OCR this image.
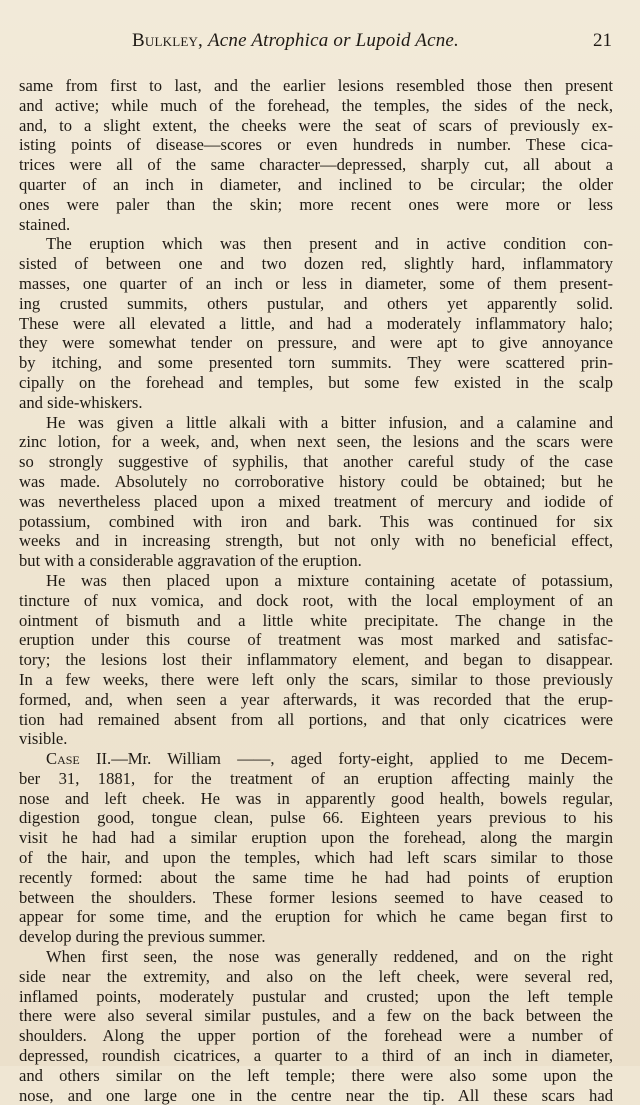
Bulkley, Acne Atrophica or Lupoid Acne.	21
same from first to last, and the earlier lesions resembled those then present
and active; while much of the forehead, the temples, the sides of the neck,
and, to a slight extent, the cheeks were the seat of scars of previously ex-
isting points of disease—scores or even hundreds in number. These cica-
trices were all of the same character—depressed, sharply cut, all about a
quarter of an inch in diameter, and inclined to be circular; the older
ones were paler than the skin; more recent ones were more or less
stained.
The eruption which was then present and in active condition con-
sisted of between one and two dozen red, slightly hard, inflammatory
masses, one quarter of an inch or less in diameter, some of them present-
ing crusted summits, others pustular, and others yet apparently solid.
These were all elevated a little, and had a moderately inflammatory halo;
they were somewhat tender on pressure, and were apt to give annoyance
by itching, and some presented torn summits. They were scattered prin-
cipally on the forehead and temples, but some few existed in the scalp
and side-whiskers.
He was given a little alkali with a bitter infusion, and a calamine and
zinc lotion, for a week, and, when next seen, the lesions and the scars were
so strongly suggestive of syphilis, that another careful study of the case
was made. Absolutely no corroborative history could be obtained; but he
was nevertheless placed upon a mixed treatment of mercury and iodide of
potassium, combined with iron and bark. This was continued for six
weeks and in increasing strength, but not only with no beneficial effect,
but with a considerable aggravation of the eruption.
He was then placed upon a mixture containing acetate of potassium,
tincture of nux vomica, and dock root, with the local employment of an
ointment of bismuth and a little white precipitate. The change in the
eruption under this course of treatment was most marked and satisfac-
tory; the lesions lost their inflammatory element, and began to disappear.
In a few weeks, there were left only the scars, similar to those previously
formed, and, when seen a year afterwards, it was recorded that the erup-
tion had remained absent from all portions, and that only cicatrices were
visible.
Case II.—Mr. William ——, aged forty-eight, applied to me Decem-
ber 31, 1881, for the treatment of an eruption affecting mainly the
nose and left cheek. He was in apparently good health, bowels regular,
digestion good, tongue clean, pulse 66. Eighteen years previous to his
visit he had had a similar eruption upon the forehead, along the margin
of the hair, and upon the temples, which had left scars similar to those
recently formed: about the same time he had had points of eruption
between the shoulders. These former lesions seemed to have ceased to
appear for some time, and the eruption for which he came began first to
develop during the previous summer.
When first seen, the nose was generally reddened, and on the right
side near the extremity, and also on the left cheek, were several red,
inflamed points, moderately pustular and crusted; upon the left temple
there were also several similar pustules, and a few on the back between the
shoulders. Along the upper portion of the forehead were a number of
depressed, roundish cicatrices, a quarter to a third of an inch in diameter,
and others similar on the left temple; there were also some upon the
nose, and one large one in the centre near the tip. All these scars had
